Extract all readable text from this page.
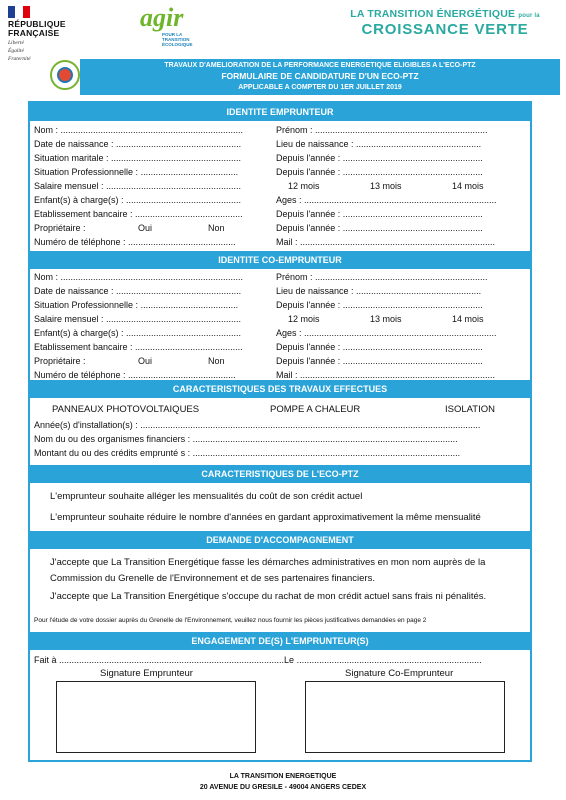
RÉPUBLIQUE
FRANÇAISE
Liberté
Égalité
Fraternité
agir
POUR LA TRANSITION ÉCOLOGIQUE
LA TRANSITION ÉNERGÉTIQUE pour la
CROISSANCE VERTE
TRAVAUX D'AMELIORATION DE LA PERFORMANCE ENERGETIQUE ELIGIBLES A L'ECO-PTZ
FORMULAIRE DE CANDIDATURE D'UN ECO-PTZ
APPLICABLE A COMPTER DU 1ER JUILLET 2019
IDENTITE EMPRUNTEUR
Nom : .........................................................................	Prénom : .....................................................................
Date de naissance : ..................................................	Lieu de naissance : ..................................................
Situation maritale : ....................................................	Depuis l'année : ........................................................
Situation Professionnelle : .......................................	Depuis l'année : ........................................................
Salaire mensuel : ......................................................	12 mois	13 mois	14 mois
Enfant(s) à charge(s) : ..............................................	Ages : .............................................................................
Etablissement bancaire : ...........................................	Depuis l'année : ........................................................
Propriétaire :	Oui	Non	Depuis l'année : ........................................................
Numéro de téléphone : ...........................................	Mail : ..............................................................................
IDENTITE CO-EMPRUNTEUR
Nom : .........................................................................	Prénom : .....................................................................
Date de naissance : ..................................................	Lieu de naissance : ..................................................
Situation Professionnelle : .......................................	Depuis l'année : ........................................................
Salaire mensuel : ......................................................	12 mois	13 mois	14 mois
Enfant(s) à charge(s) : ..............................................	Ages : .............................................................................
Etablissement bancaire : ...........................................	Depuis l'année : ........................................................
Propriétaire :	Oui	Non	Depuis l'année : ........................................................
Numéro de téléphone : ...........................................	Mail : ..............................................................................
CARACTERISTIQUES DES TRAVAUX EFFECTUES
PANNEAUX PHOTOVOLTAIQUES	POMPE A CHALEUR	ISOLATION
Année(s) d'installation(s) : ........................................................................................................................................
Nom du ou des organismes financiers : ..........................................................................................................
Montant du ou des crédits emprunté s : ...........................................................................................................
CARACTERISTIQUES DE L'ECO-PTZ
L'emprunteur souhaite alléger les mensualités du coût de son crédit actuel
L'emprunteur souhaite réduire le nombre d'années en gardant approximativement la même mensualité
DEMANDE D'ACCOMPAGNEMENT
J'accepte que La Transition Energétique fasse les démarches administratives en mon nom auprès de la
Commission du Grenelle de l'Environnement et de ses partenaires financiers.
J'accepte que La Transition Energétique s'occupe du rachat de mon crédit actuel sans frais ni pénalités.
Pour l'étude de votre dossier auprès du Grenelle de l'Environnement, veuillez nous fournir les pièces justificatives demandées en page 2
ENGAGEMENT DE(S) L'EMPRUNTEUR(S)
Fait à ..........................................................................................Le ..........................................................................
Signature Emprunteur	Signature Co-Emprunteur
LA TRANSITION ENERGETIQUE
20 AVENUE DU GRESILE - 49004 ANGERS CEDEX
